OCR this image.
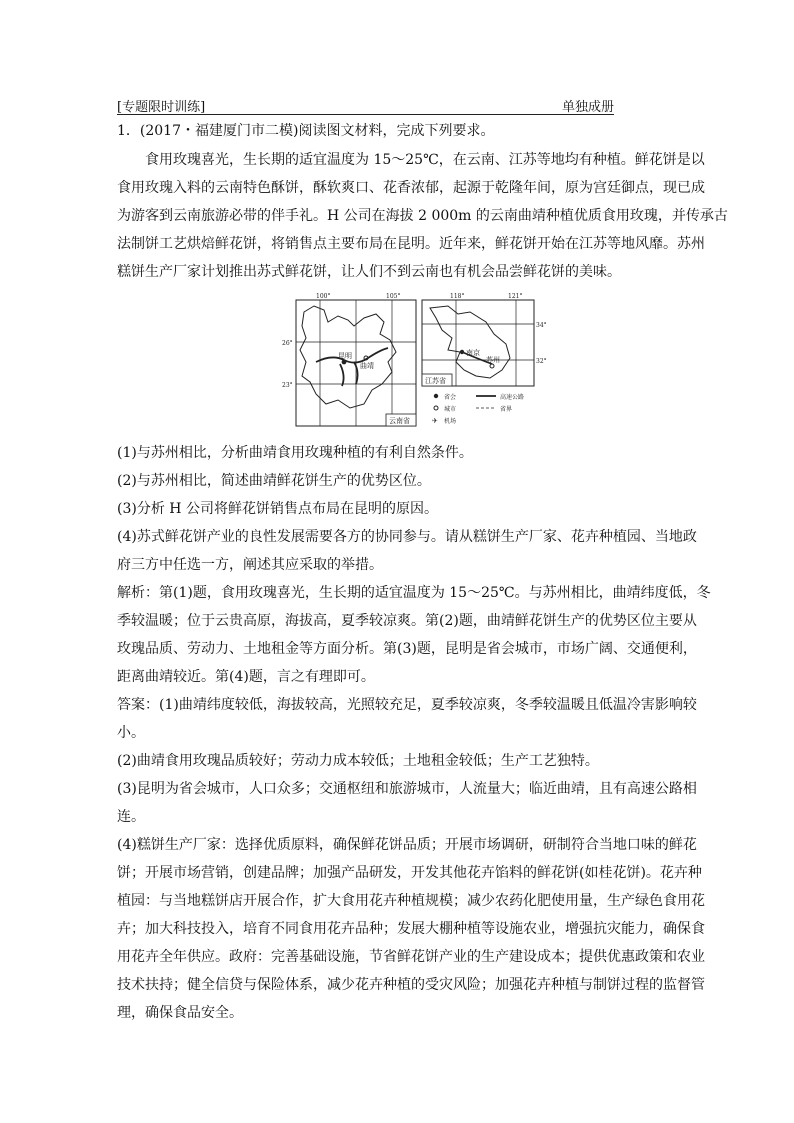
[专题限时训练]	单独成册
1．(2017・福建厦门市二模)阅读图文材料，完成下列要求。
　　食用玫瑰喜光，生长期的适宜温度为 15～25℃，在云南、江苏等地均有种植。鲜花饼是以
食用玫瑰入料的云南特色酥饼，酥软爽口、花香浓郁，起源于乾隆年间，原为宫廷御点，现已成
为游客到云南旅游必带的伴手礼。H 公司在海拔 2 000m 的云南曲靖种植优质食用玫瑰，并传承古
法制饼工艺烘焙鲜花饼，将销售点主要布局在昆明。近年来，鲜花饼开始在江苏等地风靡。苏州
糕饼生产厂家计划推出苏式鲜花饼，让人们不到云南也有机会品尝鲜花饼的美味。
昆明
曲靖
100°	105°
26°
23°
云南省
南京
苏州
118°	121°
34°
32°
江苏省
省会
城市
✈ 机场
高速公路
省界
(1)与苏州相比，分析曲靖食用玫瑰种植的有利自然条件。
(2)与苏州相比，简述曲靖鲜花饼生产的优势区位。
(3)分析 H 公司将鲜花饼销售点布局在昆明的原因。
(4)苏式鲜花饼产业的良性发展需要各方的协同参与。请从糕饼生产厂家、花卉种植园、当地政
府三方中任选一方，阐述其应采取的举措。
解析：第(1)题，食用玫瑰喜光，生长期的适宜温度为 15～25℃。与苏州相比，曲靖纬度低，冬
季较温暖；位于云贵高原，海拔高，夏季较凉爽。第(2)题，曲靖鲜花饼生产的优势区位主要从
玫瑰品质、劳动力、土地租金等方面分析。第(3)题，昆明是省会城市，市场广阔、交通便利，
距离曲靖较近。第(4)题，言之有理即可。
答案：(1)曲靖纬度较低，海拔较高，光照较充足，夏季较凉爽，冬季较温暖且低温冷害影响较
小。
(2)曲靖食用玫瑰品质较好；劳动力成本较低；土地租金较低；生产工艺独特。
(3)昆明为省会城市，人口众多；交通枢纽和旅游城市，人流量大；临近曲靖，且有高速公路相
连。
(4)糕饼生产厂家：选择优质原料，确保鲜花饼品质；开展市场调研，研制符合当地口味的鲜花
饼；开展市场营销，创建品牌；加强产品研发，开发其他花卉馅料的鲜花饼(如桂花饼)。花卉种
植园：与当地糕饼店开展合作，扩大食用花卉种植规模；减少农药化肥使用量，生产绿色食用花
卉；加大科技投入，培育不同食用花卉品种；发展大棚种植等设施农业，增强抗灾能力，确保食
用花卉全年供应。政府：完善基础设施，节省鲜花饼产业的生产建设成本；提供优惠政策和农业
技术扶持；健全信贷与保险体系，减少花卉种植的受灾风险；加强花卉种植与制饼过程的监督管
理，确保食品安全。
